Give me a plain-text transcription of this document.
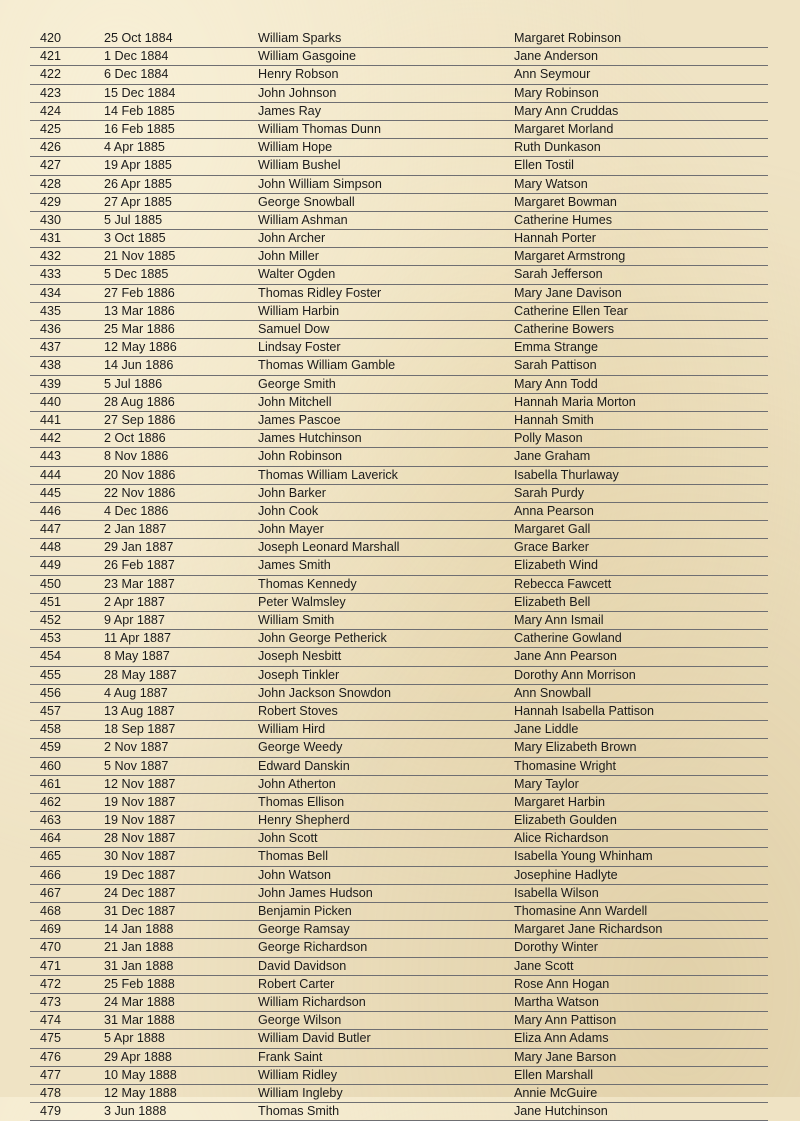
420	25 Oct 1884	William Sparks	Margaret Robinson
421	1 Dec 1884	William Gasgoine	Jane Anderson
422	6 Dec 1884	Henry Robson	Ann Seymour
423	15 Dec 1884	John Johnson	Mary Robinson
424	14 Feb 1885	James Ray	Mary Ann Cruddas
425	16 Feb 1885	William Thomas Dunn	Margaret Morland
426	4 Apr 1885	William Hope	Ruth Dunkason
427	19 Apr 1885	William Bushel	Ellen Tostil
428	26 Apr 1885	John William Simpson	Mary Watson
429	27 Apr 1885	George Snowball	Margaret Bowman
430	5 Jul 1885	William Ashman	Catherine Humes
431	3 Oct 1885	John Archer	Hannah Porter
432	21 Nov 1885	John Miller	Margaret Armstrong
433	5 Dec 1885	Walter Ogden	Sarah Jefferson
434	27 Feb 1886	Thomas Ridley Foster	Mary Jane Davison
435	13 Mar 1886	William Harbin	Catherine Ellen Tear
436	25 Mar 1886	Samuel Dow	Catherine Bowers
437	12 May 1886	Lindsay Foster	Emma Strange
438	14 Jun 1886	Thomas William Gamble	Sarah Pattison
439	5 Jul 1886	George Smith	Mary Ann Todd
440	28 Aug 1886	John Mitchell	Hannah Maria Morton
441	27 Sep 1886	James Pascoe	Hannah Smith
442	2 Oct 1886	James Hutchinson	Polly Mason
443	8 Nov 1886	John Robinson	Jane Graham
444	20 Nov 1886	Thomas William Laverick	Isabella Thurlaway
445	22 Nov 1886	John Barker	Sarah Purdy
446	4 Dec 1886	John Cook	Anna Pearson
447	2 Jan 1887	John Mayer	Margaret Gall
448	29 Jan 1887	Joseph Leonard Marshall	Grace Barker
449	26 Feb 1887	James Smith	Elizabeth Wind
450	23 Mar 1887	Thomas Kennedy	Rebecca Fawcett
451	2 Apr 1887	Peter Walmsley	Elizabeth Bell
452	9 Apr 1887	William Smith	Mary Ann Ismail
453	11 Apr 1887	John George Petherick	Catherine Gowland
454	8 May 1887	Joseph Nesbitt	Jane Ann Pearson
455	28 May 1887	Joseph Tinkler	Dorothy Ann Morrison
456	4 Aug 1887	John Jackson Snowdon	Ann Snowball
457	13 Aug 1887	Robert Stoves	Hannah Isabella Pattison
458	18 Sep 1887	William Hird	Jane Liddle
459	2 Nov 1887	George Weedy	Mary Elizabeth Brown
460	5 Nov 1887	Edward Danskin	Thomasine Wright
461	12 Nov 1887	John Atherton	Mary Taylor
462	19 Nov 1887	Thomas Ellison	Margaret Harbin
463	19 Nov 1887	Henry Shepherd	Elizabeth Goulden
464	28 Nov 1887	John Scott	Alice Richardson
465	30 Nov 1887	Thomas Bell	Isabella Young Whinham
466	19 Dec 1887	John Watson	Josephine Hadlyte
467	24 Dec 1887	John James Hudson	Isabella Wilson
468	31 Dec 1887	Benjamin Picken	Thomasine Ann Wardell
469	14 Jan 1888	George Ramsay	Margaret Jane Richardson
470	21 Jan 1888	George Richardson	Dorothy Winter
471	31 Jan 1888	David Davidson	Jane Scott
472	25 Feb 1888	Robert Carter	Rose Ann Hogan
473	24 Mar 1888	William Richardson	Martha Watson
474	31 Mar 1888	George Wilson	Mary Ann Pattison
475	5 Apr 1888	William David Butler	Eliza Ann Adams
476	29 Apr 1888	Frank Saint	Mary Jane Barson
477	10 May 1888	William Ridley	Ellen Marshall
478	12 May 1888	William Ingleby	Annie McGuire
479	3 Jun 1888	Thomas Smith	Jane Hutchinson
